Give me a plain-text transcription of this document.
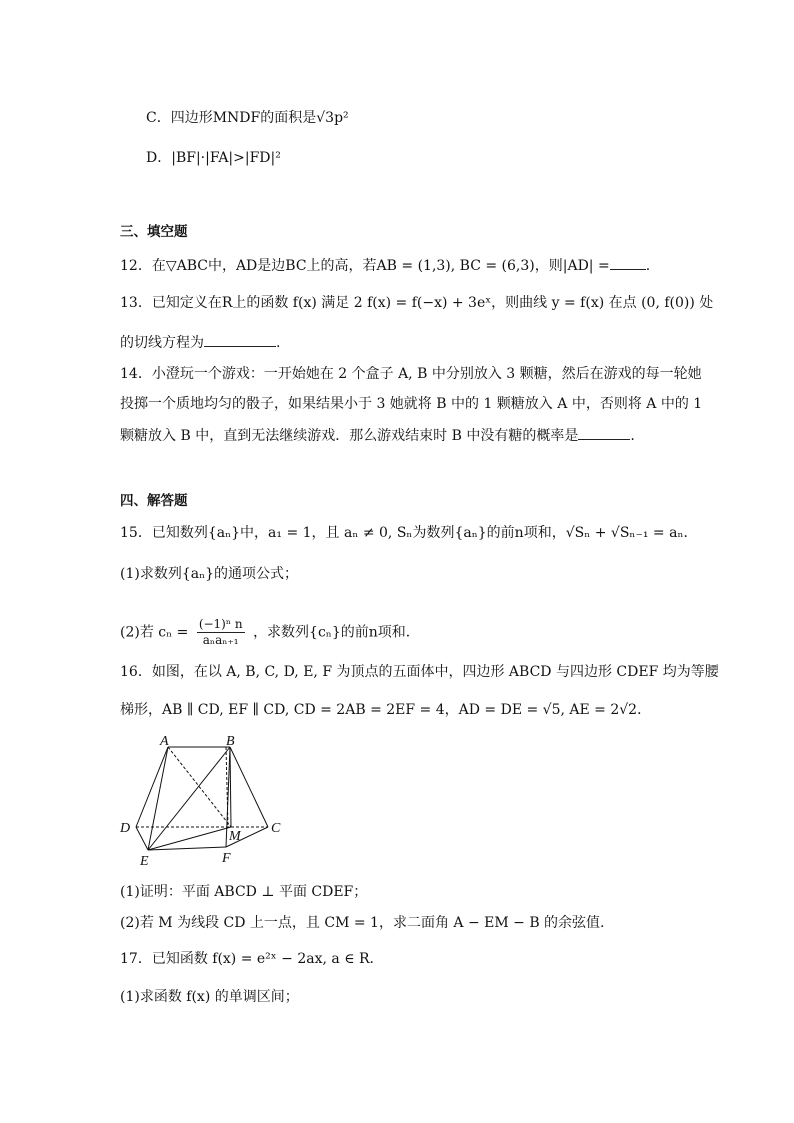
C．四边形MNDF的面积是√3p²
D．|BF|·|FA|>|FD|²
三、填空题
12．在▽ABC中，AD是边BC上的高，若AB = (1,3), BC = (6,3)，则|AD| =	.
13．已知定义在R上的函数 f(x) 满足 2 f(x) = f(−x) + 3eˣ，则曲线 y = f(x) 在点 (0, f(0)) 处
的切线方程为	.
14．小澄玩一个游戏：一开始她在 2 个盒子 A, B 中分别放入 3 颗糖，然后在游戏的每一轮她
投掷一个质地均匀的骰子，如果结果小于 3 她就将 B 中的 1 颗糖放入 A 中，否则将 A 中的 1
颗糖放入 B 中，直到无法继续游戏．那么游戏结束时 B 中没有糖的概率是	.
四、解答题
15．已知数列{aₙ}中，a₁ = 1，且 aₙ ≠ 0, Sₙ为数列{aₙ}的前n项和，√Sₙ + √Sₙ₋₁ = aₙ．
(1)求数列{aₙ}的通项公式；
(2)若 cₙ =
(−1)ⁿ n
aₙaₙ₊₁	，求数列{cₙ}的前n项和．
16．如图，在以 A, B, C, D, E, F 为顶点的五面体中，四边形 ABCD 与四边形 CDEF 均为等腰
梯形，AB ∥ CD, EF ∥ CD, CD = 2AB = 2EF = 4，AD = DE = √5, AE = 2√2．
A	B
D	C
M
E	F
(1)证明：平面 ABCD ⊥ 平面 CDEF；
(2)若 M 为线段 CD 上一点，且 CM = 1，求二面角 A − EM − B 的余弦值.
17．已知函数 f(x) = e²ˣ − 2ax, a ∈ R．
(1)求函数 f(x) 的单调区间；
